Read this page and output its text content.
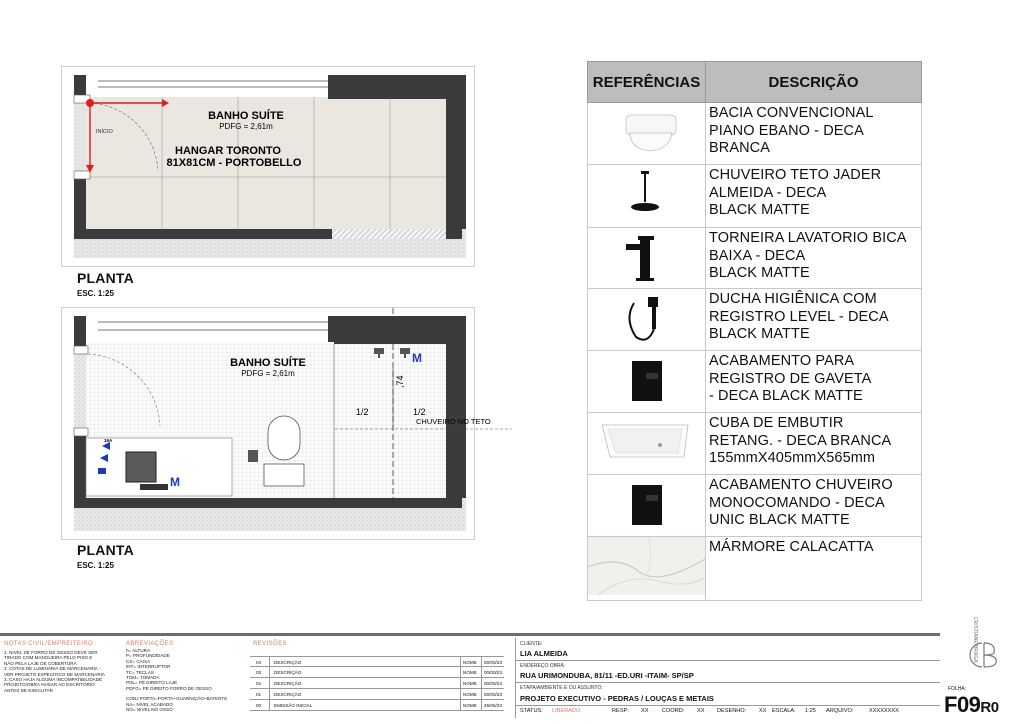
INÍCIO
BANHO SUÍTE
PDFG = 2,61m
HANGAR TORONTO
81X81CM - PORTOBELLO
PLANTA
ESC. 1:25
M
M
,74
1/2	1/2
CHUVEIRO NO TETO
16A
BANHO SUÍTE
PDFG = 2,61m
PLANTA
ESC. 1:25
REFERÊNCIAS	DESCRIÇÃO

BACIA CONVENCIONAL
PIANO EBANO - DECA
BRANCA

CHUVEIRO TETO JADER
ALMEIDA - DECA
BLACK MATTE

TORNEIRA LAVATORIO BICA
BAIXA - DECA
BLACK MATTE

DUCHA HIGIÊNICA COM
REGISTRO LEVEL - DECA
BLACK MATTE

ACABAMENTO PARA
REGISTRO DE GAVETA
- DECA BLACK MATTE

CUBA DE EMBUTIR
RETANG. - DECA BRANCA
155mmX405mmX565mm

ACABAMENTO CHUVEIRO
MONOCOMANDO - DECA
UNIC BLACK MATTE

MÁRMORE CALACATTA
NOTAS CIVIL/EMPREITEIRO
1. NIVEL DE FORRO DE GESSO DEVE SER
TIRADO COM MANGUEIRA PELO PISO E
NÃO PELA LAJE DE COBERTURA
2. COTAS DE LUMINÁRIA DE MARCENARIA -
VER PROJETO ESPECÍFICO DE MARCENARIA
3. CASO HAJA ALGUMA INCOMPATIBILIDADE
PROJETO/OBRA AVISAR AO ESCRITÓRIO
ANTES DE EXECUTAR
ABREVIAÇÕES
h= ALTURA
P= PROFUNDIDADE
CX= CAIXA
INT= INTERRUPTOR
TC= TECLAS
TOM= TOMADA
PDL= PÉ DIREITO LAJE
PDFG= PÉ DIREITO FORRO DE GESSO
CONJ PORTA=PORTA+GUARNIÇÃO+BATENTE
NA= NIVEL ACABADO
NO= NIVEL NO OSSO
REVISÕES
04	DESCRIÇÃO	NOME 00/00/23
03	DESCRIÇÃO	NOME 00/00/23
02	DESCRIÇÃO	NOME 00/00/23
01	DESCRIÇÃO	NOME 00/00/23
00	EMISSÃO INICIAL	NOME 26/06/23
CLIENTE:
LIA ALMEIDA
ENDEREÇO OBRA:
RUA URIMONDUBA, 81/11 -ED.URI -ITAIM- SP/SP
ETAPA/AMBIENTE E OU ASSUNTO:
PROJETO EXECUTIVO - PEDRAS / LOUÇAS E METAIS
STATUS: LIBERADO	RESP: XX COORD: XX DESENHO: XX ESCALA: 1:25 ARQUIVO:	XXXXXXXX
CRISTIANE BRAGA
FOLHA:
F09R0
